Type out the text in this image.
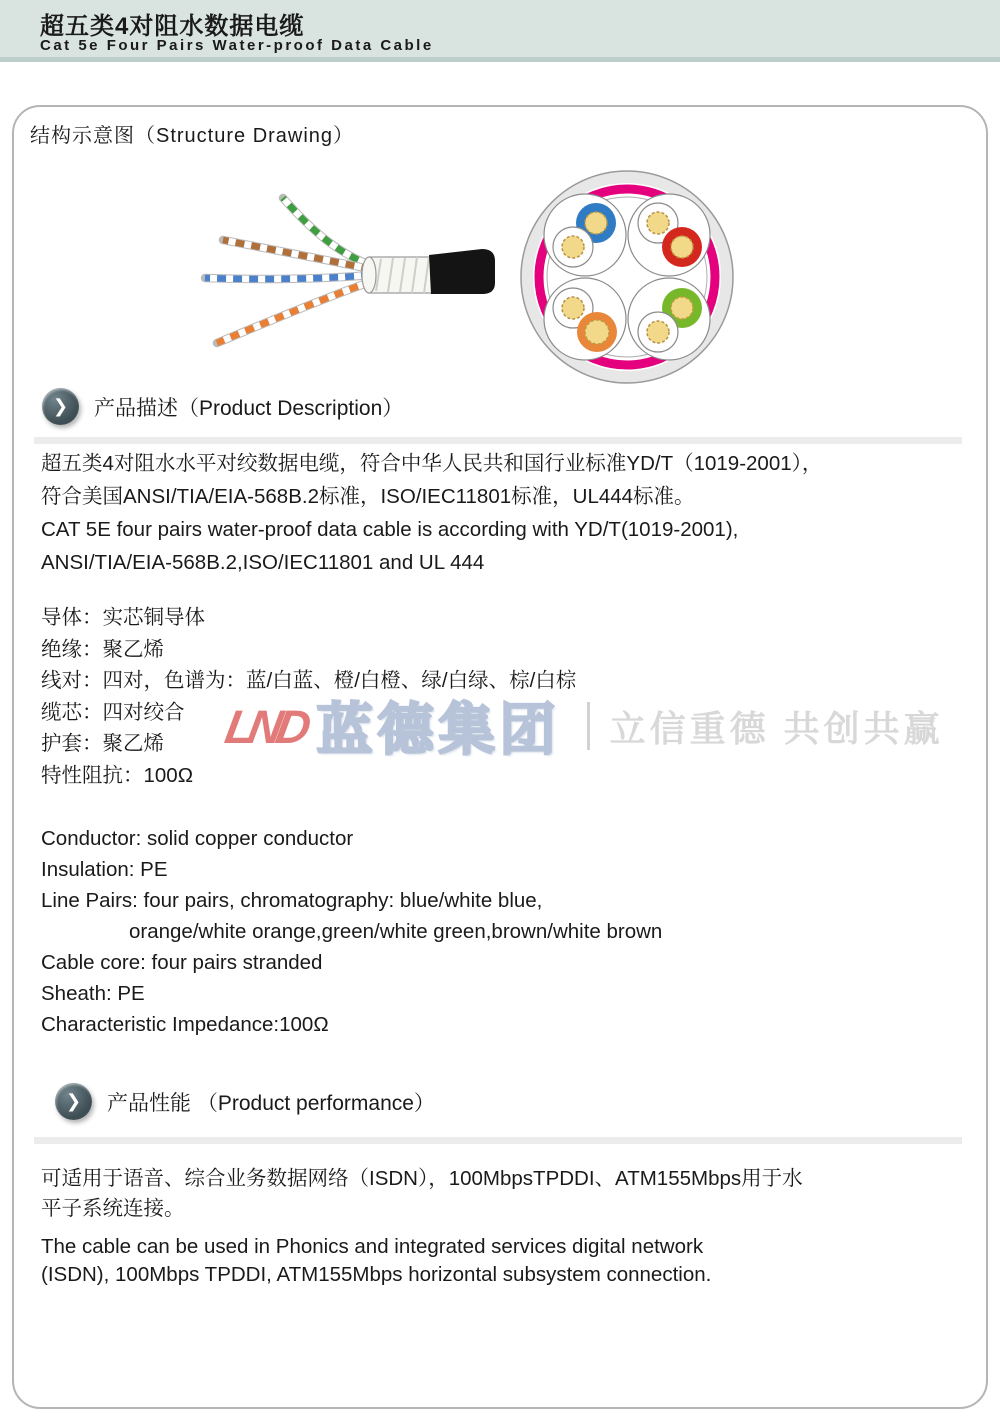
超五类4对阻水数据电缆
Cat 5e Four Pairs Water-proof Data Cable
结构示意图（Structure Drawing）
❯	产品描述（Product Description）
超五类4对阻水水平对绞数据电缆，符合中华人民共和国行业标准YD/T（1019-2001），
符合美国ANSI/TIA/EIA-568B.2标准，ISO/IEC11801标准，UL444标准。
CAT 5E four pairs water-proof data cable is according with YD/T(1019-2001),
ANSI/TIA/EIA-568B.2,ISO/IEC11801 and UL 444
导体：实芯铜导体
绝缘：聚乙烯
线对：四对，色谱为：蓝/白蓝、橙/白橙、绿/白绿、棕/白棕
缆芯：四对绞合
护套：聚乙烯
特性阻抗：100Ω
LND 蓝德集团 立信重德 共创共赢
Conductor: solid copper conductor
Insulation: PE
Line Pairs: four pairs, chromatography: blue/white blue,
orange/white orange,green/white green,brown/white brown
Cable core: four pairs stranded
Sheath: PE
Characteristic Impedance:100Ω
❯	产品性能 （Product performance）
可适用于语音、综合业务数据网络（ISDN），100MbpsTPDDI、ATM155Mbps用于水
平子系统连接。
The cable can be used in Phonics and integrated services digital network
(ISDN), 100Mbps TPDDI, ATM155Mbps horizontal subsystem connection.
